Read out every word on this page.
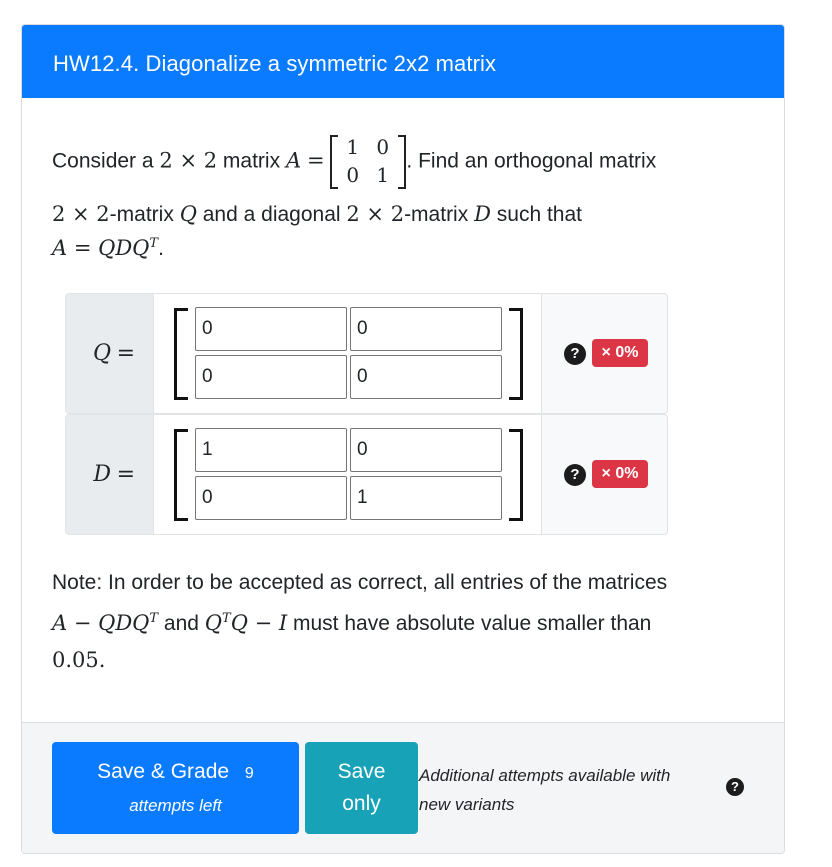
HW12.4. Diagonalize a symmetric 2x2 matrix
Consider a 2 × 2 matrix A =
1 0
0 1
. Find an orthogonal matrix
2 × 2-matrix Q and a diagonal 2 × 2-matrix D such that
$A = QDQ^T$.
Q =
0	0
0	0
?	× 0%
D =
1	0
0	1
?	× 0%
Note: In order to be accepted as correct, all entries of the matrices
$A - QDQ^T$ and $Q^TQ - I$ must have absolute value smaller than
0.05.
Save & Grade 9
attempts left
Save
only
Additional attempts available with
new variants
?
